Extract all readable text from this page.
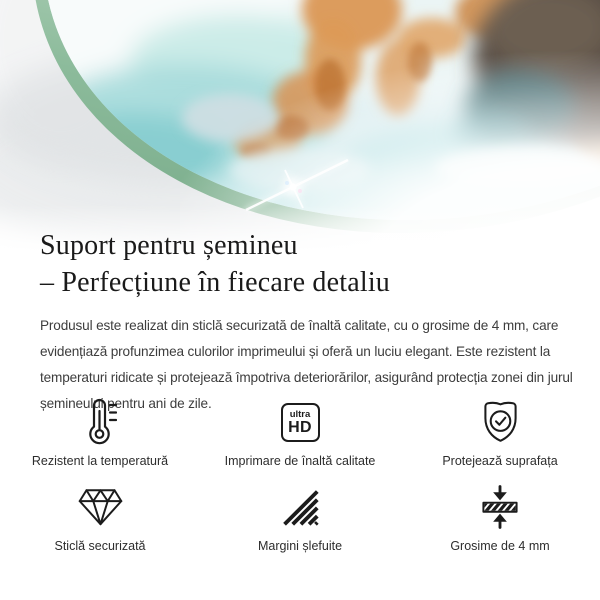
Suport pentru șemineu
– Perfecțiune în fiecare detaliu

Produsul este realizat din sticlă securizată de înaltă calitate, cu o grosime de 4 mm, care evidențiază profunzimea culorilor imprimeului și oferă un luciu elegant. Este rezistent la temperaturi ridicate și protejează împotriva deteriorărilor, asigurând protecția zonei din jurul șemineului pentru ani de zile.

Rezistent la temperatură
ultra
HD
Imprimare de înaltă calitate	Protejează suprafața
Sticlă securizată	Margini șlefuite	Grosime de 4 mm
